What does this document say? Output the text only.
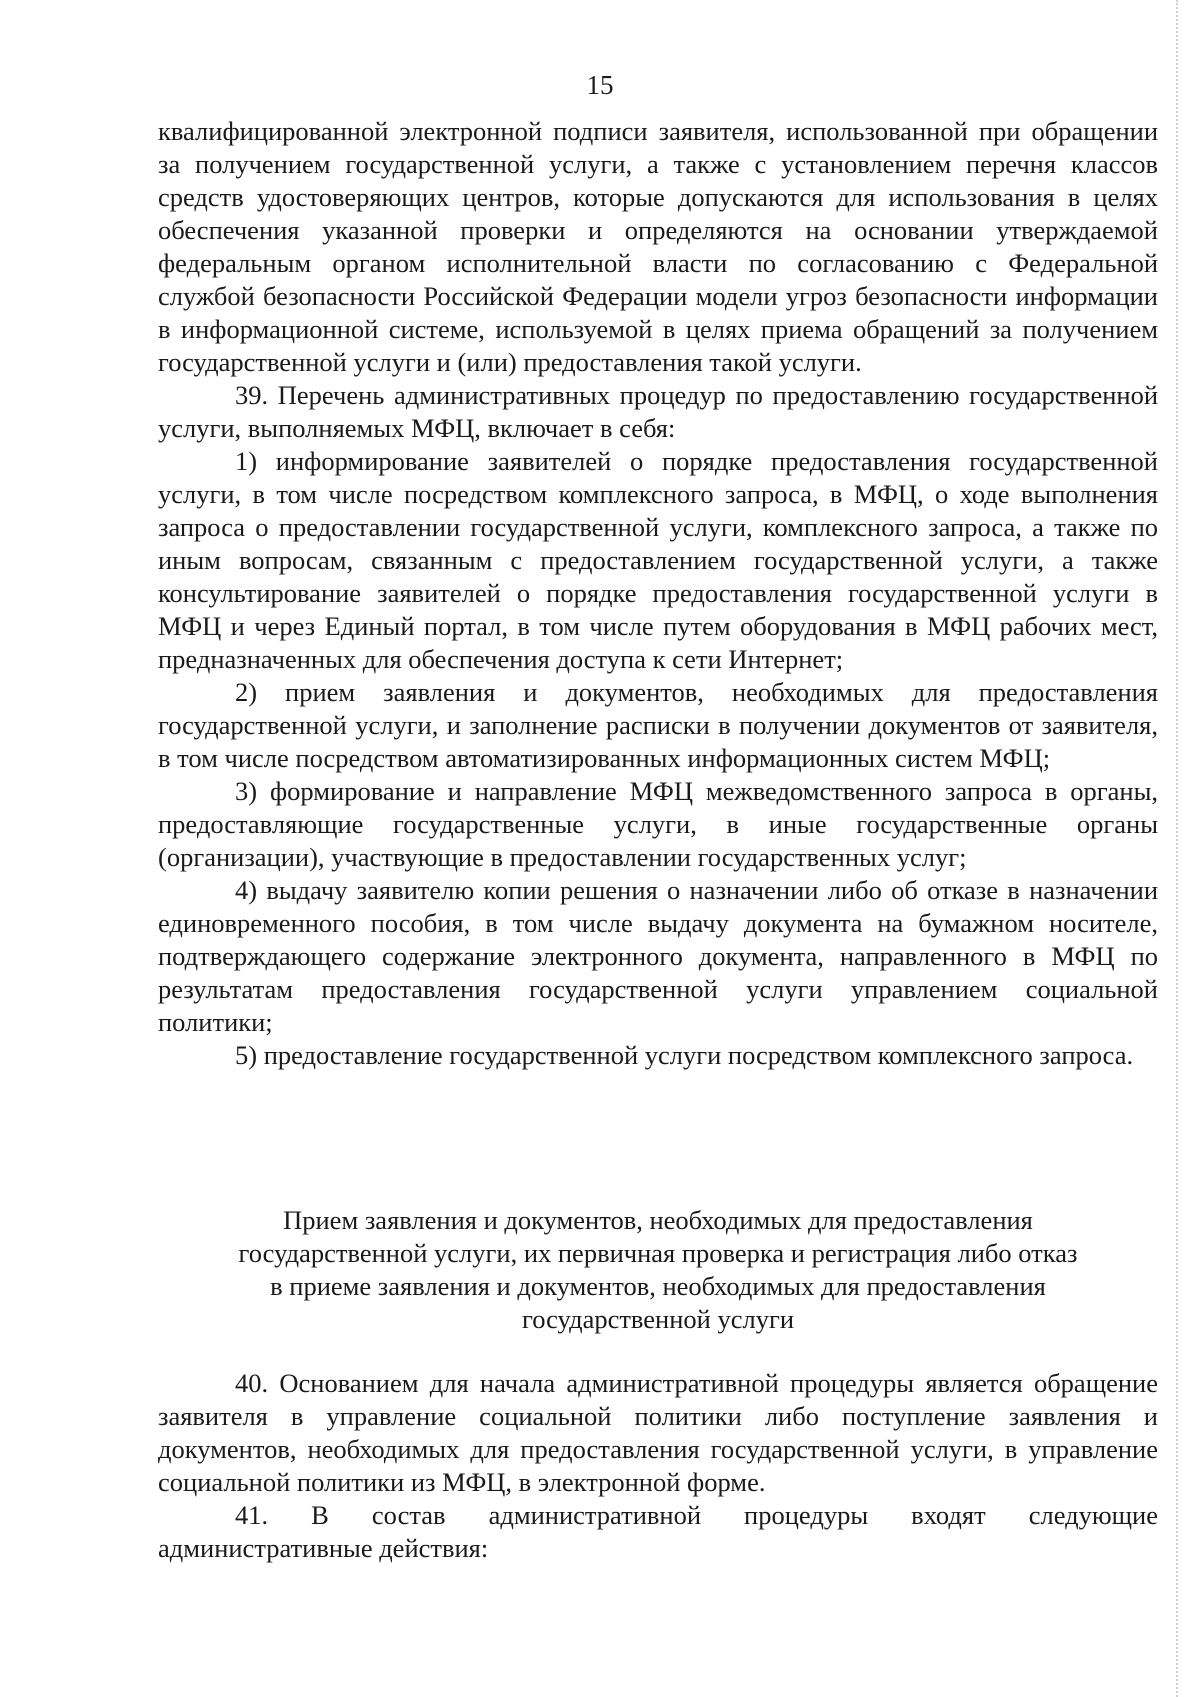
15

квалифицированной электронной подписи заявителя, использованной при обращении за получением государственной услуги, а также с установлением перечня классов средств удостоверяющих центров, которые допускаются для использования в целях обеспечения указанной проверки и определяются на основании утверждаемой федеральным органом исполнительной власти по согласованию с Федеральной службой безопасности Российской Федерации модели угроз безопасности информации в информационной системе, используемой в целях приема обращений за получением государственной услуги и (или) предоставления такой услуги.

39. Перечень административных процедур по предоставлению государственной услуги, выполняемых МФЦ, включает в себя:

1) информирование заявителей о порядке предоставления государственной услуги, в том числе посредством комплексного запроса, в МФЦ, о ходе выполнения запроса о предоставлении государственной услуги, комплексного запроса, а также по иным вопросам, связанным с предоставлением государственной услуги, а также консультирование заявителей о порядке предоставления государственной услуги в МФЦ и через Единый портал, в том числе путем оборудования в МФЦ рабочих мест, предназначенных для обеспечения доступа к сети Интернет;

2) прием заявления и документов, необходимых для предоставления государственной услуги, и заполнение расписки в получении документов от заявителя, в том числе посредством автоматизированных информационных систем МФЦ;

3) формирование и направление МФЦ межведомственного запроса в органы, предоставляющие государственные услуги, в иные государственные органы (организации), участвующие в предоставлении государственных услуг;

4) выдачу заявителю копии решения о назначении либо об отказе в назначении единовременного пособия, в том числе выдачу документа на бумажном носителе, подтверждающего содержание электронного документа, направленного в МФЦ по результатам предоставления государственной услуги управлением социальной политики;

5) предоставление государственной услуги посредством комплексного запроса.

Прием заявления и документов, необходимых для предоставления

государственной услуги, их первичная проверка и регистрация либо отказ

в приеме заявления и документов, необходимых для предоставления

государственной услуги

40. Основанием для начала административной процедуры является обращение заявителя в управление социальной политики либо поступление заявления и документов, необходимых для предоставления государственной услуги, в управление социальной политики из МФЦ, в электронной форме.

41. В состав административной процедуры входят следующие административные действия:
